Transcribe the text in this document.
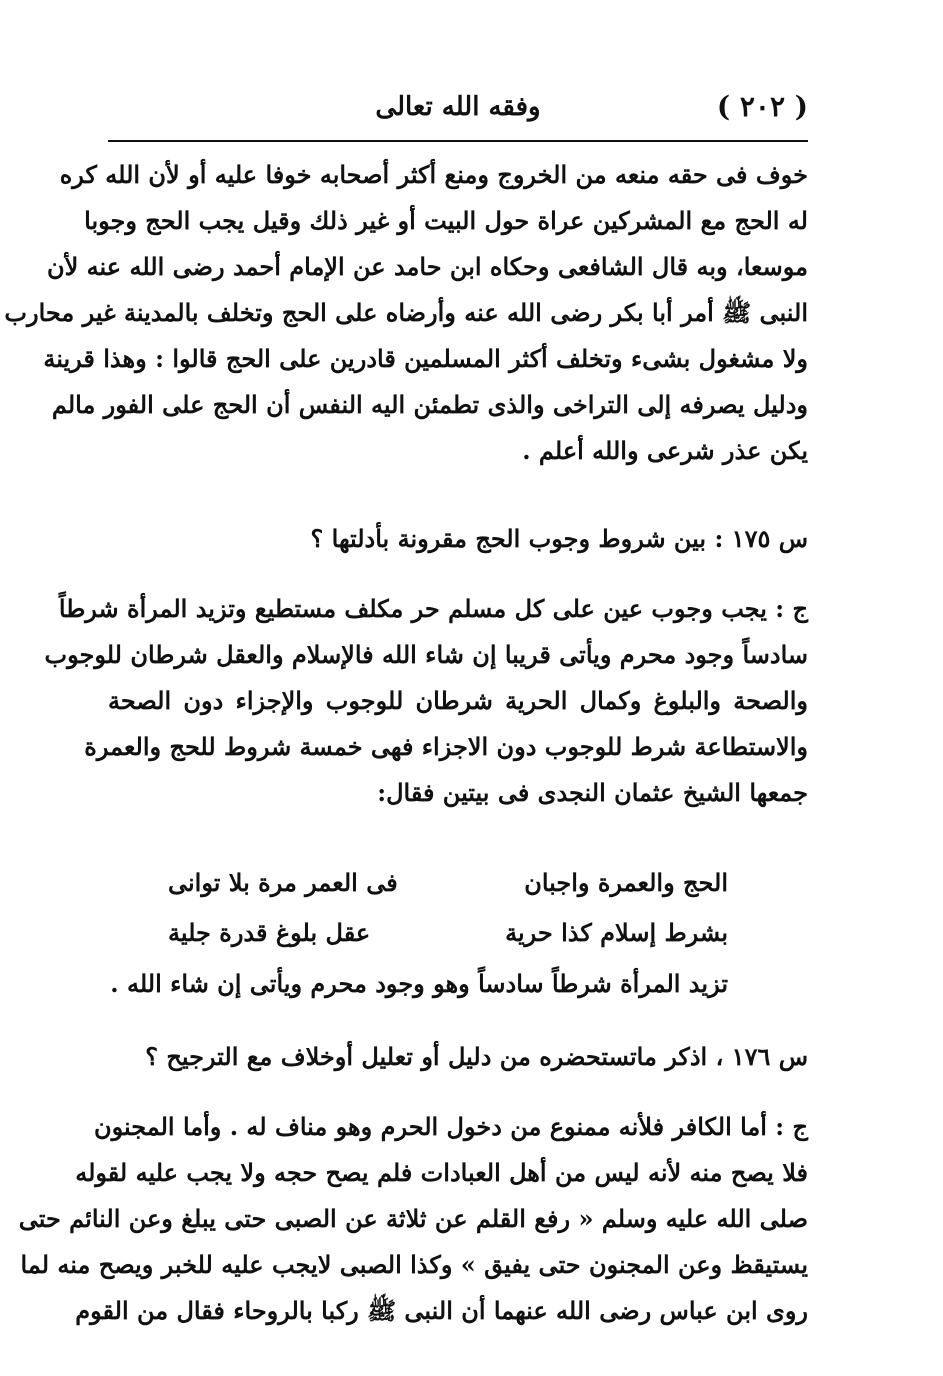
( ٢٠٢ )
وفقه الله تعالى
خوف فى حقه منعه من الخروج ومنع أكثر أصحابه خوفا عليه أو لأن الله كره
له الحج مع المشركين عراة حول البيت أو غير ذلك وقيل يجب الحج وجوبا
موسعا، وبه قال الشافعى وحكاه ابن حامد عن الإمام أحمد رضى الله عنه لأن
النبى ﷺ أمر أبا بكر رضى الله عنه وأرضاه على الحج وتخلف بالمدينة غير محارب
ولا مشغول بشىء وتخلف أكثر المسلمين قادرين على الحج قالوا : وهذا قرينة
ودليل يصرفه إلى التراخى والذى تطمئن اليه النفس أن الحج على الفور مالم
يكن عذر شرعى والله أعلم .
س ١٧٥ : بين شروط وجوب الحج مقرونة بأدلتها ؟
ج : يجب وجوب عين على كل مسلم حر مكلف مستطيع وتزيد المرأة شرطاً
سادساً وجود محرم ويأتى قريبا إن شاء الله فالإسلام والعقل شرطان للوجوب
والصحة والبلوغ وكمال الحرية شرطان للوجوب والإجزاء دون الصحة
والاستطاعة شرط للوجوب دون الاجزاء فهى خمسة شروط للحج والعمرة
جمعها الشيخ عثمان النجدى فى بيتين فقال:
الحج والعمرة واجبان
فى العمر مرة بلا توانى
بشرط إسلام كذا حرية
عقل بلوغ قدرة جلية
تزيد المرأة شرطاً سادساً وهو وجود محرم ويأتى إن شاء الله .
س ١٧٦ ، اذكر ماتستحضره من دليل أو تعليل أوخلاف مع الترجيح ؟
ج : أما الكافر فلأنه ممنوع من دخول الحرم وهو مناف له . وأما المجنون
فلا يصح منه لأنه ليس من أهل العبادات فلم يصح حجه ولا يجب عليه لقوله
صلى الله عليه وسلم « رفع القلم عن ثلاثة عن الصبى حتى يبلغ وعن النائم حتى
يستيقظ وعن المجنون حتى يفيق » وكذا الصبى لايجب عليه للخبر ويصح منه لما
روى ابن عباس رضى الله عنهما أن النبى ﷺ ركبا بالروحاء فقال من القوم
